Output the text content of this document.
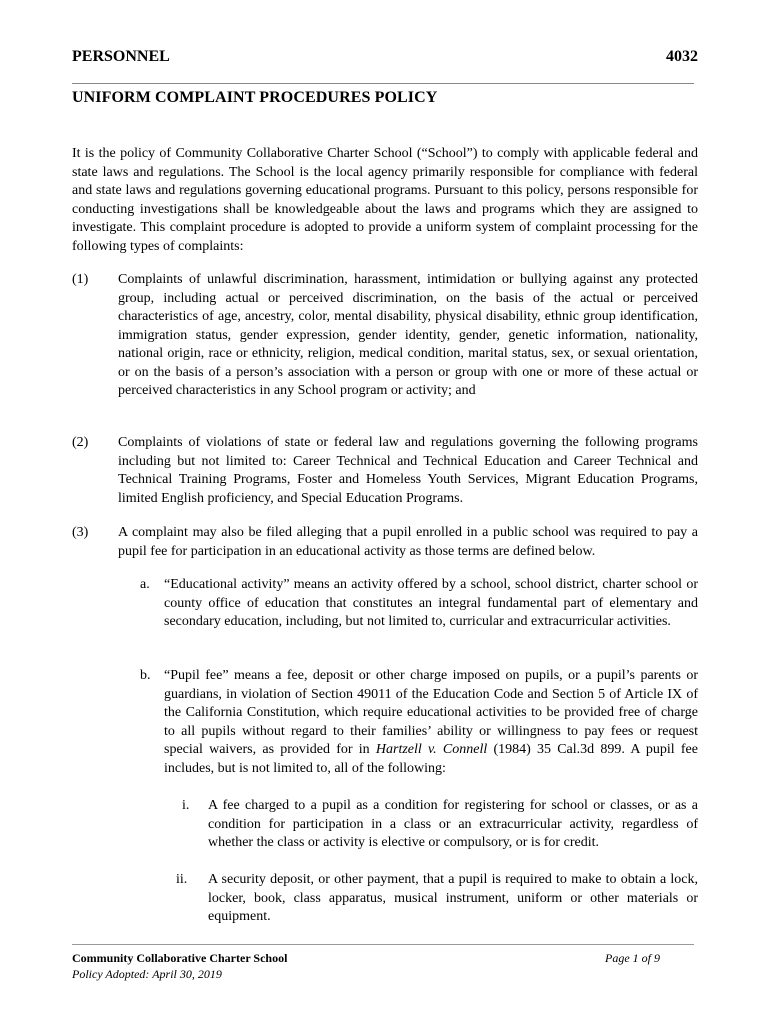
PERSONNEL	4032
UNIFORM COMPLAINT PROCEDURES POLICY

It is the policy of Community Collaborative Charter School (“School”) to comply with applicable federal and state laws and regulations. The School is the local agency primarily responsible for compliance with federal and state laws and regulations governing educational programs. Pursuant to this policy, persons responsible for conducting investigations shall be knowledgeable about the laws and programs which they are assigned to investigate. This complaint procedure is adopted to provide a uniform system of complaint processing for the following types of complaints:

(1) Complaints of unlawful discrimination, harassment, intimidation or bullying against any protected group, including actual or perceived discrimination, on the basis of the actual or perceived characteristics of age, ancestry, color, mental disability, physical disability, ethnic group identification, immigration status, gender expression, gender identity, gender, genetic information, nationality, national origin, race or ethnicity, religion, medical condition, marital status, sex, or sexual orientation, or on the basis of a person’s association with a person or group with one or more of these actual or perceived characteristics in any School program or activity; and
(2) Complaints of violations of state or federal law and regulations governing the following programs including but not limited to: Career Technical and Technical Education and Career Technical and Technical Training Programs, Foster and Homeless Youth Services, Migrant Education Programs, limited English proficiency, and Special Education Programs.
(3) A complaint may also be filed alleging that a pupil enrolled in a public school was required to pay a pupil fee for participation in an educational activity as those terms are defined below.
a. “Educational activity” means an activity offered by a school, school district, charter school or county office of education that constitutes an integral fundamental part of elementary and secondary education, including, but not limited to, curricular and extracurricular activities.
b. “Pupil fee” means a fee, deposit or other charge imposed on pupils, or a pupil’s parents or guardians, in violation of Section 49011 of the Education Code and Section 5 of Article IX of the California Constitution, which require educational activities to be provided free of charge to all pupils without regard to their families’ ability or willingness to pay fees or request special waivers, as provided for in Hartzell v. Connell (1984) 35 Cal.3d 899. A pupil fee includes, but is not limited to, all of the following:
i. A fee charged to a pupil as a condition for registering for school or classes, or as a condition for participation in a class or an extracurricular activity, regardless of whether the class or activity is elective or compulsory, or is for credit.
ii. A security deposit, or other payment, that a pupil is required to make to obtain a lock, locker, book, class apparatus, musical instrument, uniform or other materials or equipment.
Community Collaborative Charter School
Policy Adopted: April 30, 2019
Page 1 of 9
